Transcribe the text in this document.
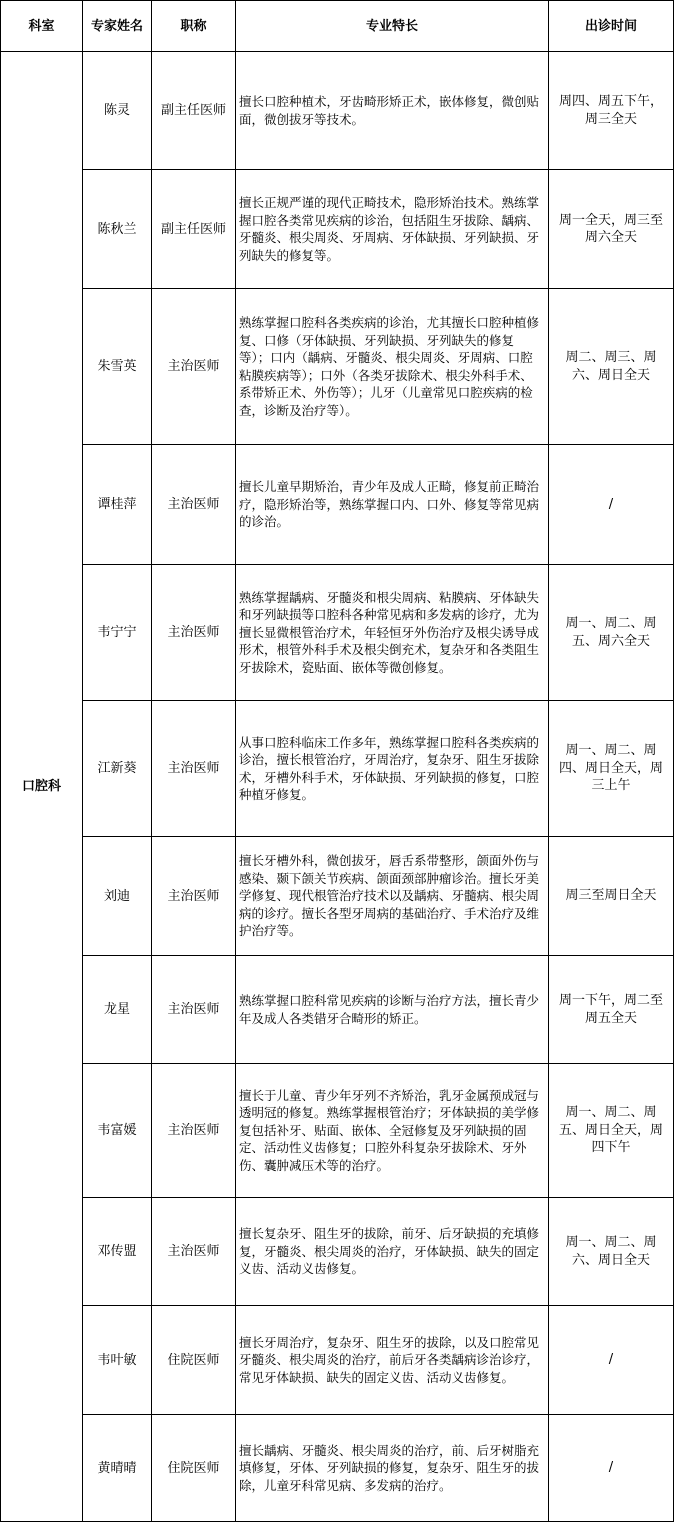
科室	专家姓名	职称	专业特长	出诊时间
口腔科	陈灵	副主任医师	擅长口腔种植术，牙齿畸形矫正术，嵌体修复，微创贴面，微创拔牙等技术。	周四、周五下午，周三全天
	陈秋兰	副主任医师	擅长正规严谨的现代正畸技术，隐形矫治技术。熟练掌握口腔各类常见疾病的诊治，包括阻生牙拔除、龋病、牙髓炎、根尖周炎、牙周病、牙体缺损、牙列缺损、牙列缺失的修复等。	周一全天，周三至周六全天
	朱雪英	主治医师	熟练掌握口腔科各类疾病的诊治，尤其擅长口腔种植修复、口修（牙体缺损、牙列缺损、牙列缺失的修复等）；口内（龋病、牙髓炎、根尖周炎、牙周病、口腔粘膜疾病等）；口外（各类牙拔除术、根尖外科手术、系带矫正术、外伤等）；儿牙（儿童常见口腔疾病的检查，诊断及治疗等）。	周二、周三、周六、周日全天
	谭桂萍	主治医师	擅长儿童早期矫治，青少年及成人正畸，修复前正畸治疗，隐形矫治等，熟练掌握口内、口外、修复等常见病的诊治。	/
	韦宁宁	主治医师	熟练掌握龋病、牙髓炎和根尖周病、粘膜病、牙体缺失和牙列缺损等口腔科各种常见病和多发病的诊疗，尤为擅长显微根管治疗术，年轻恒牙外伤治疗及根尖诱导成形术，根管外科手术及根尖倒充术，复杂牙和各类阻生牙拔除术，瓷贴面、嵌体等微创修复。	周一、周二、周五、周六全天
	江新葵	主治医师	从事口腔科临床工作多年，熟练掌握口腔科各类疾病的诊治，擅长根管治疗，牙周治疗，复杂牙、阻生牙拔除术，牙槽外科手术，牙体缺损、牙列缺损的修复，口腔种植牙修复。	周一、周二、周四、周日全天，周三上午
	刘迪	主治医师	擅长牙槽外科，微创拔牙，唇舌系带整形，颌面外伤与感染、颞下颌关节疾病、颌面颈部肿瘤诊治。擅长牙美学修复、现代根管治疗技术以及龋病、牙髓病、根尖周病的诊疗。擅长各型牙周病的基础治疗、手术治疗及维护治疗等。	周三至周日全天
	龙星	主治医师	熟练掌握口腔科常见疾病的诊断与治疗方法，擅长青少年及成人各类错牙合畸形的矫正。	周一下午，周二至周五全天
	韦富媛	主治医师	擅长于儿童、青少年牙列不齐矫治，乳牙金属预成冠与透明冠的修复。熟练掌握根管治疗；牙体缺损的美学修复包括补牙、贴面、嵌体、全冠修复及牙列缺损的固定、活动性义齿修复；口腔外科复杂牙拔除术、牙外伤、囊肿减压术等的治疗。	周一、周二、周五、周日全天，周四下午
	邓传盟	主治医师	擅长复杂牙、阻生牙的拔除，前牙、后牙缺损的充填修复，牙髓炎、根尖周炎的治疗，牙体缺损、缺失的固定义齿、活动义齿修复。	周一、周二、周六、周日全天
	韦叶敏	住院医师	擅长牙周治疗，复杂牙、阻生牙的拔除，以及口腔常见牙髓炎、根尖周炎的治疗，前后牙各类龋病诊治诊疗，常见牙体缺损、缺失的固定义齿、活动义齿修复。	/
	黄晴晴	住院医师	擅长龋病、牙髓炎、根尖周炎的治疗，前、后牙树脂充填修复，牙体、牙列缺损的修复，复杂牙、阻生牙的拔除，儿童牙科常见病、多发病的治疗。	/
